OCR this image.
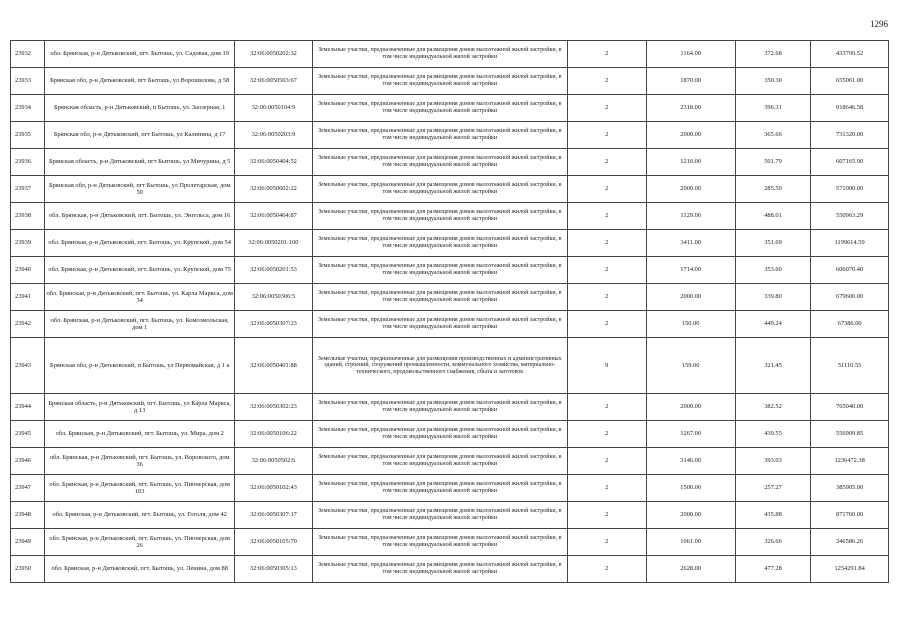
1296
23932	обл. Брянская, р-н Дятьковский, пгт. Бытошь, ул. Садовая, дом 19	32:06:0050202:32	Земельные участки, предназначенные для размещения домов малоэтажной жилой застройки, в том числе индивидуальной жилой застройки	2	1164.00	372.68	433799.52
23933	Брянская обл, р-н Дятьковский, пгт Бытошь, ул Ворошилова, д 58	32:06:0050503:67	Земельные участки, предназначенные для размещения домов малоэтажной жилой застройки, в том числе индивидуальной жилой застройки	2	1870.00	350.30	655061.00
23934	Брянская область, р-н Дятьковский, п Бытошь, ул. Заозерная, 1	32:06:0050104:9	Земельные участки, предназначенные для размещения домов малоэтажной жилой застройки, в том числе индивидуальной жилой застройки	2	2318.00	396.31	918646.58
23935	Брянская обл, р-н Дятьковский, пгт Бытошь, ул Калинина, д 17	32:06:0050203:9	Земельные участки, предназначенные для размещения домов малоэтажной жилой застройки, в том числе индивидуальной жилой застройки	2	2000.00	365.66	731320.00
23936	Брянская область, р-н Дятьковский, пгт Бытошь, ул Мичурина, д 5	32:06:0050404:52	Земельные участки, предназначенные для размещения домов малоэтажной жилой застройки, в том числе индивидуальной жилой застройки	2	1210.00	501.79	607165.90
23937	Брянская обл, р-н Дятьковский, пгт Бытошь, ул Пролетарская, дом 50	32:06:0050602:22	Земельные участки, предназначенные для размещения домов малоэтажной жилой застройки, в том числе индивидуальной жилой застройки	2	2000.00	285.50	571000.00
23938	обл. Брянская, р-н Дятьковский, пгт. Бытошь, ул. Энгельса, дом 16	32:06:0050404:87	Земельные участки, предназначенные для размещения домов малоэтажной жилой застройки, в том числе индивидуальной жилой застройки	2	1129.00	488.01	550963.29
23939	обл. Брянская, р-н Дятьковский, пгт. Бытошь, ул. Крупской, дом 54	32:06:0050201:100	Земельные участки, предназначенные для размещения домов малоэтажной жилой застройки, в том числе индивидуальной жилой застройки	2	3411.00	351.69	1199614.59
23940	обл. Брянская, р-н Дятьковский, пгт. Бытошь, ул. Крупской, дом 75	32:06:0050201:53	Земельные участки, предназначенные для размещения домов малоэтажной жилой застройки, в том числе индивидуальной жилой застройки	2	1714.00	353.60	606070.40
23941	обл. Брянская, р-н Дятьковский, пгт. Бытошь, ул. Карла Маркса, дом 34	32:06:0050306:5	Земельные участки, предназначенные для размещения домов малоэтажной жилой застройки, в том числе индивидуальной жилой застройки	2	2000.00	339.80	679600.00
23942	обл. Брянская, р-н Дятьковский, пгт. Бытошь, ул. Комсомольская, дом 1	32:06:0050307:23	Земельные участки, предназначенные для размещения домов малоэтажной жилой застройки, в том числе индивидуальной жилой застройки	2	150.00	449.24	67386.00
23943	Брянская обл, р-н Дятьковский, п Бытошь, ул Первомайская, д 1 а	32:06:0050401:88	Земельные участки, предназначенные для размещения производственных и административных зданий, строений, сооружений промышленности, коммунального хозяйства, материально-технического, продовольственного снабжения, сбыта и заготовок	9	159.00	321.45	51110.55
23944	Брянская область, р-н Дятьковский, пгт. Бытошь, ул Карла Маркса, д 13	32:06:0050302:23	Земельные участки, предназначенные для размещения домов малоэтажной жилой застройки, в том числе индивидуальной жилой застройки	2	2000.00	382.52	765040.00
23945	обл. Брянская, р-н Дятьковский, пгт. Бытошь, ул. Мира, дом 2	32:06:0050106:22	Земельные участки, предназначенные для размещения домов малоэтажной жилой застройки, в том числе индивидуальной жилой застройки	2	1267.00	439.55	556909.85
23946	обл. Брянская, р-н Дятьковский, пгт. Бытошь, ул. Воровского, дом 36	32:06:0050502:6	Земельные участки, предназначенные для размещения домов малоэтажной жилой застройки, в том числе индивидуальной жилой застройки	2	3146.00	393.03	1236472.38
23947	обл. Брянская, р-н Дятьковский, пгт. Бытошь, ул. Пионерская, дом 103	32:06:0050102:43	Земельные участки, предназначенные для размещения домов малоэтажной жилой застройки, в том числе индивидуальной жилой застройки	2	1500.00	257.27	385905.00
23948	обл. Брянская, р-н Дятьковский, пгт. Бытошь, ул. Гоголя, дом 42	32:06:0050307:17	Земельные участки, предназначенные для размещения домов малоэтажной жилой застройки, в том числе индивидуальной жилой застройки	2	2000.00	435.88	871760.00
23949	обл. Брянская, р-н Дятьковский, пгт. Бытошь, ул. Пионерская, дом 26	32:06:0050105:70	Земельные участки, предназначенные для размещения домов малоэтажной жилой застройки, в том числе индивидуальной жилой застройки	2	1061.00	326.66	346586.26
23950	обл. Брянская, р-н Дятьковский, пгт. Бытошь, ул. Ленина, дом 88	32:06:0050305:13	Земельные участки, предназначенные для размещения домов малоэтажной жилой застройки, в том числе индивидуальной жилой застройки	2	2628.00	477.28	1254291.84
